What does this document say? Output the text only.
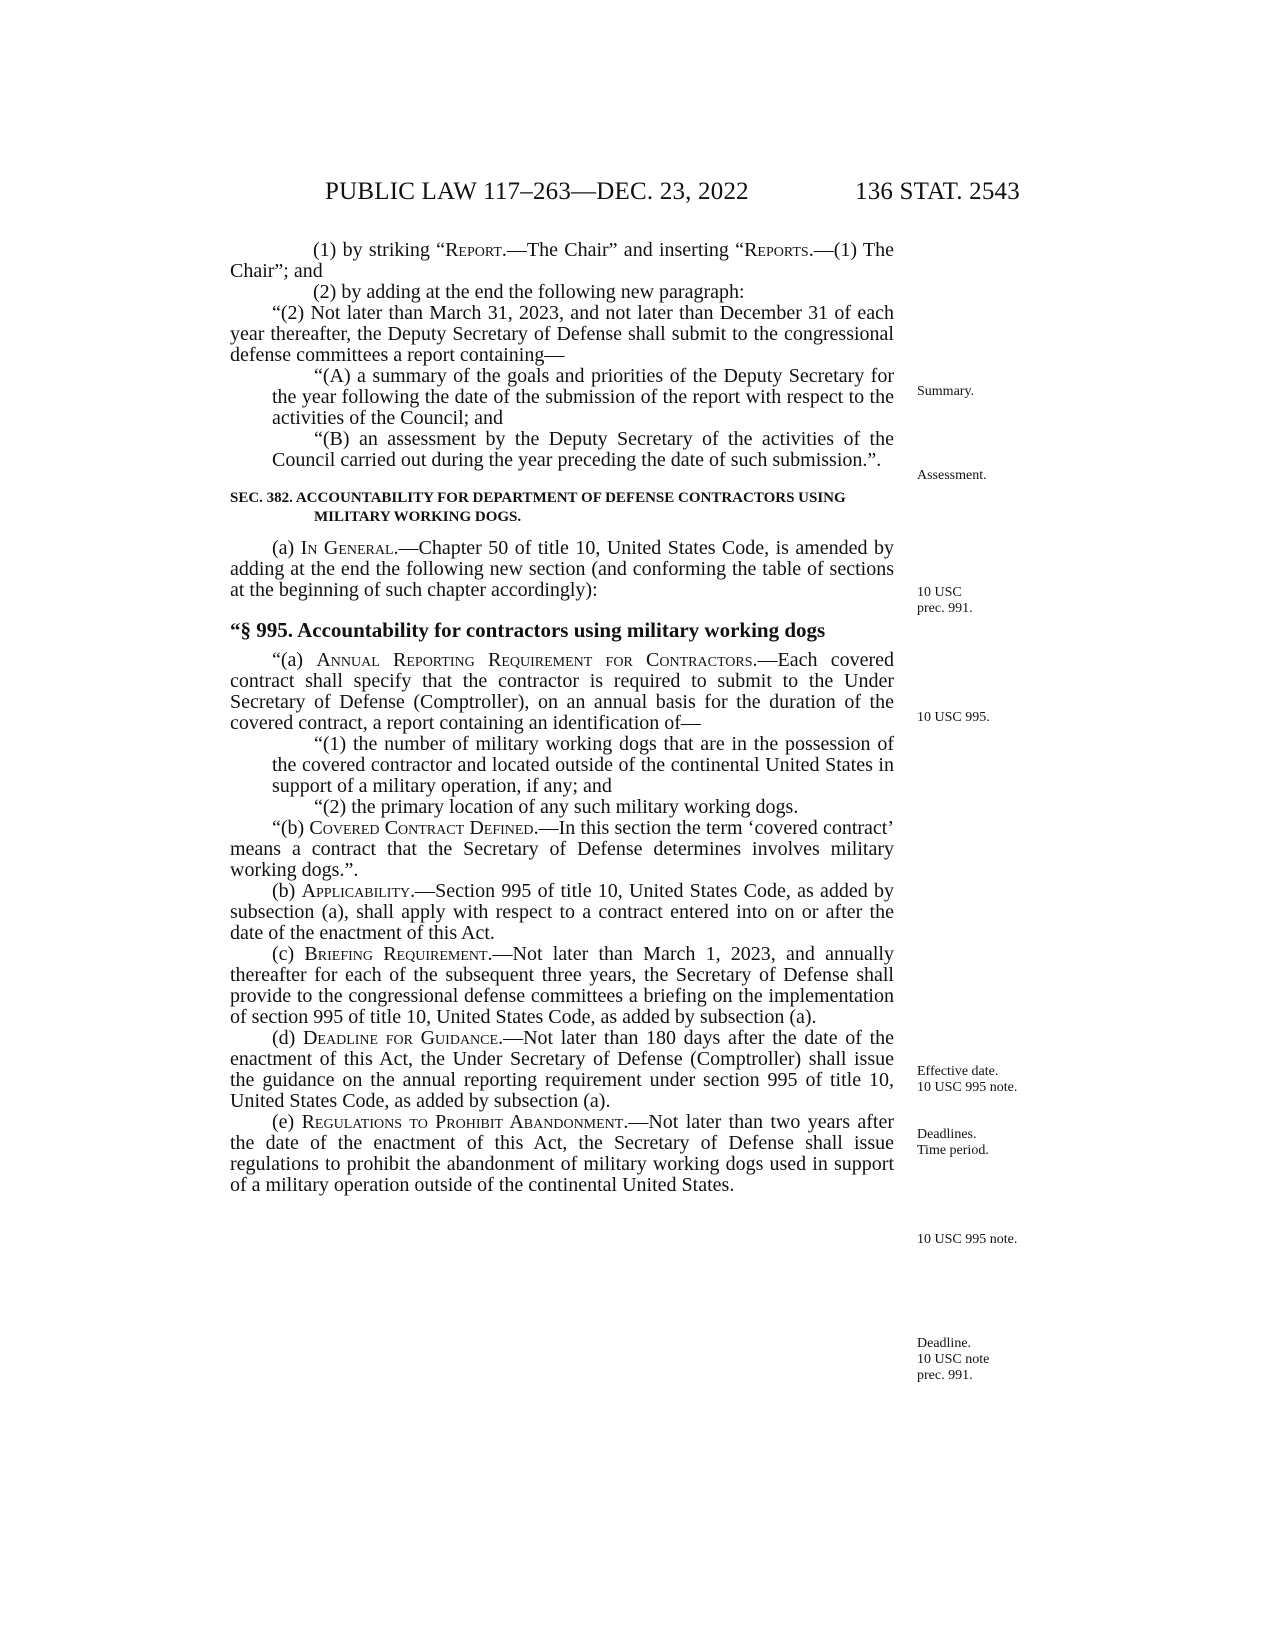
PUBLIC LAW 117–263—DEC. 23, 2022	136 STAT. 2543

(1) by striking “Report.—The Chair” and inserting “Reports.—(1) The Chair”; and

(2) by adding at the end the following new paragraph:

“(2) Not later than March 31, 2023, and not later than December 31 of each year thereafter, the Deputy Secretary of Defense shall submit to the congressional defense committees a report containing—

“(A) a summary of the goals and priorities of the Deputy Secretary for the year following the date of the submission of the report with respect to the activities of the Council; and

“(B) an assessment by the Deputy Secretary of the activities of the Council carried out during the year preceding the date of such submission.”.

SEC. 382. ACCOUNTABILITY FOR DEPARTMENT OF DEFENSE CONTRACTORS USING MILITARY WORKING DOGS.

(a) In General.—Chapter 50 of title 10, United States Code, is amended by adding at the end the following new section (and conforming the table of sections at the beginning of such chapter accordingly):

“§ 995. Accountability for contractors using military working dogs

“(a) Annual Reporting Requirement for Contractors.—Each covered contract shall specify that the contractor is required to submit to the Under Secretary of Defense (Comptroller), on an annual basis for the duration of the covered contract, a report containing an identification of—

“(1) the number of military working dogs that are in the possession of the covered contractor and located outside of the continental United States in support of a military operation, if any; and

“(2) the primary location of any such military working dogs.

“(b) Covered Contract Defined.—In this section the term ‘covered contract’ means a contract that the Secretary of Defense determines involves military working dogs.”.

(b) Applicability.—Section 995 of title 10, United States Code, as added by subsection (a), shall apply with respect to a contract entered into on or after the date of the enactment of this Act.

(c) Briefing Requirement.—Not later than March 1, 2023, and annually thereafter for each of the subsequent three years, the Secretary of Defense shall provide to the congressional defense committees a briefing on the implementation of section 995 of title 10, United States Code, as added by subsection (a).

(d) Deadline for Guidance.—Not later than 180 days after the date of the enactment of this Act, the Under Secretary of Defense (Comptroller) shall issue the guidance on the annual reporting requirement under section 995 of title 10, United States Code, as added by subsection (a).

(e) Regulations to Prohibit Abandonment.—Not later than two years after the date of the enactment of this Act, the Secretary of Defense shall issue regulations to prohibit the abandonment of military working dogs used in support of a military operation outside of the continental United States.

Summary.
Assessment.
10 USC
prec. 991.
10 USC 995.
Effective date.
10 USC 995 note.
Deadlines.
Time period.
10 USC 995 note.
Deadline.
10 USC note
prec. 991.
